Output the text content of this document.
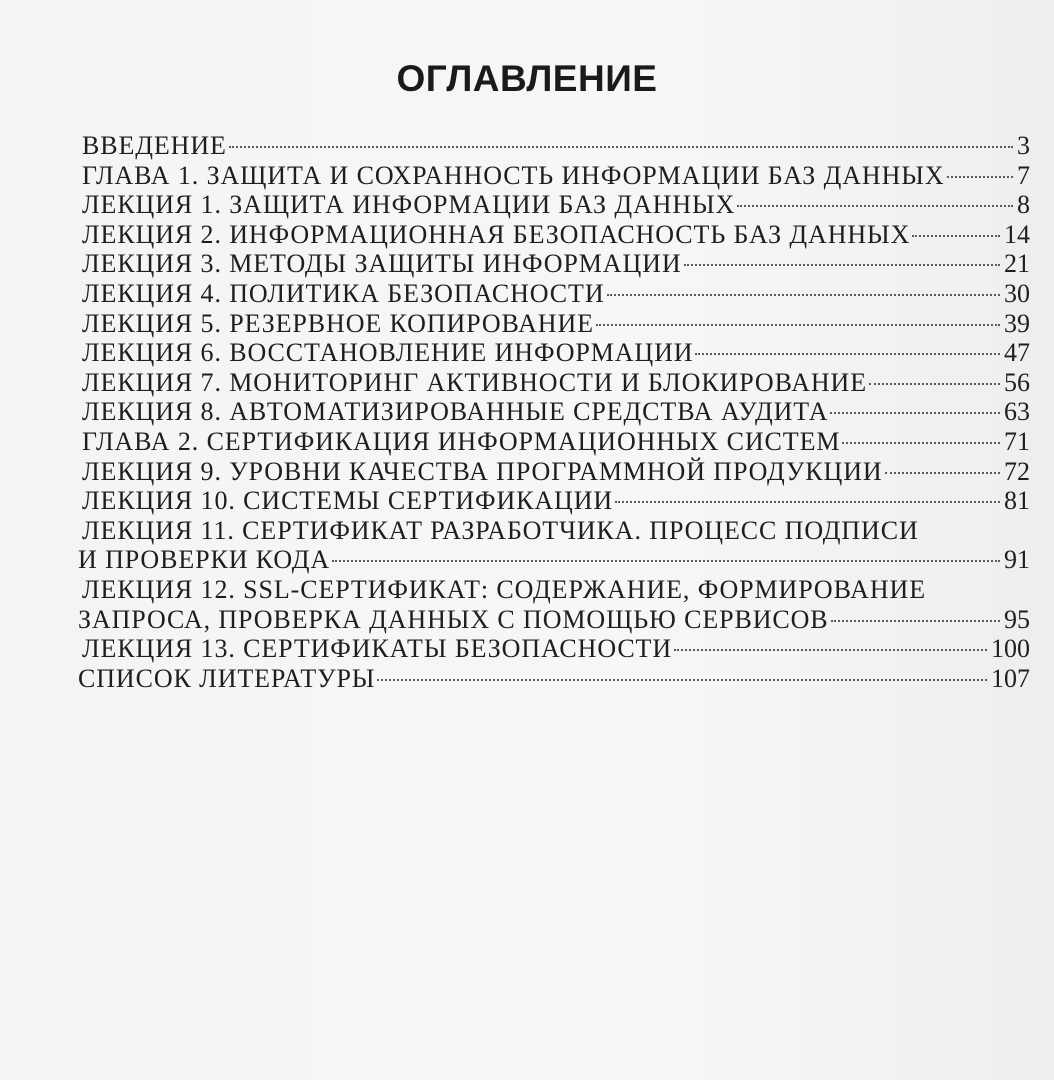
ОГЛАВЛЕНИЕ
ВВЕДЕНИЕ	3
ГЛАВА 1. ЗАЩИТА И СОХРАННОСТЬ ИНФОРМАЦИИ БАЗ ДАННЫХ	7
ЛЕКЦИЯ 1. ЗАЩИТА ИНФОРМАЦИИ БАЗ ДАННЫХ	8
ЛЕКЦИЯ 2. ИНФОРМАЦИОННАЯ БЕЗОПАСНОСТЬ БАЗ ДАННЫХ	14
ЛЕКЦИЯ 3. МЕТОДЫ ЗАЩИТЫ ИНФОРМАЦИИ	21
ЛЕКЦИЯ 4. ПОЛИТИКА БЕЗОПАСНОСТИ	30
ЛЕКЦИЯ 5. РЕЗЕРВНОЕ КОПИРОВАНИЕ	39
ЛЕКЦИЯ 6. ВОССТАНОВЛЕНИЕ ИНФОРМАЦИИ	47
ЛЕКЦИЯ 7. МОНИТОРИНГ АКТИВНОСТИ И БЛОКИРОВАНИЕ	56
ЛЕКЦИЯ 8. АВТОМАТИЗИРОВАННЫЕ СРЕДСТВА АУДИТА	63
ГЛАВА 2. СЕРТИФИКАЦИЯ ИНФОРМАЦИОННЫХ СИСТЕМ	71
ЛЕКЦИЯ 9. УРОВНИ КАЧЕСТВА ПРОГРАММНОЙ ПРОДУКЦИИ	72
ЛЕКЦИЯ 10. СИСТЕМЫ СЕРТИФИКАЦИИ	81
ЛЕКЦИЯ 11. СЕРТИФИКАТ РАЗРАБОТЧИКА. ПРОЦЕСС ПОДПИСИ
И ПРОВЕРКИ КОДА	91
ЛЕКЦИЯ 12. SSL-СЕРТИФИКАТ: СОДЕРЖАНИЕ, ФОРМИРОВАНИЕ
ЗАПРОСА, ПРОВЕРКА ДАННЫХ С ПОМОЩЬЮ СЕРВИСОВ	95
ЛЕКЦИЯ 13. СЕРТИФИКАТЫ БЕЗОПАСНОСТИ	100
СПИСОК ЛИТЕРАТУРЫ	107
